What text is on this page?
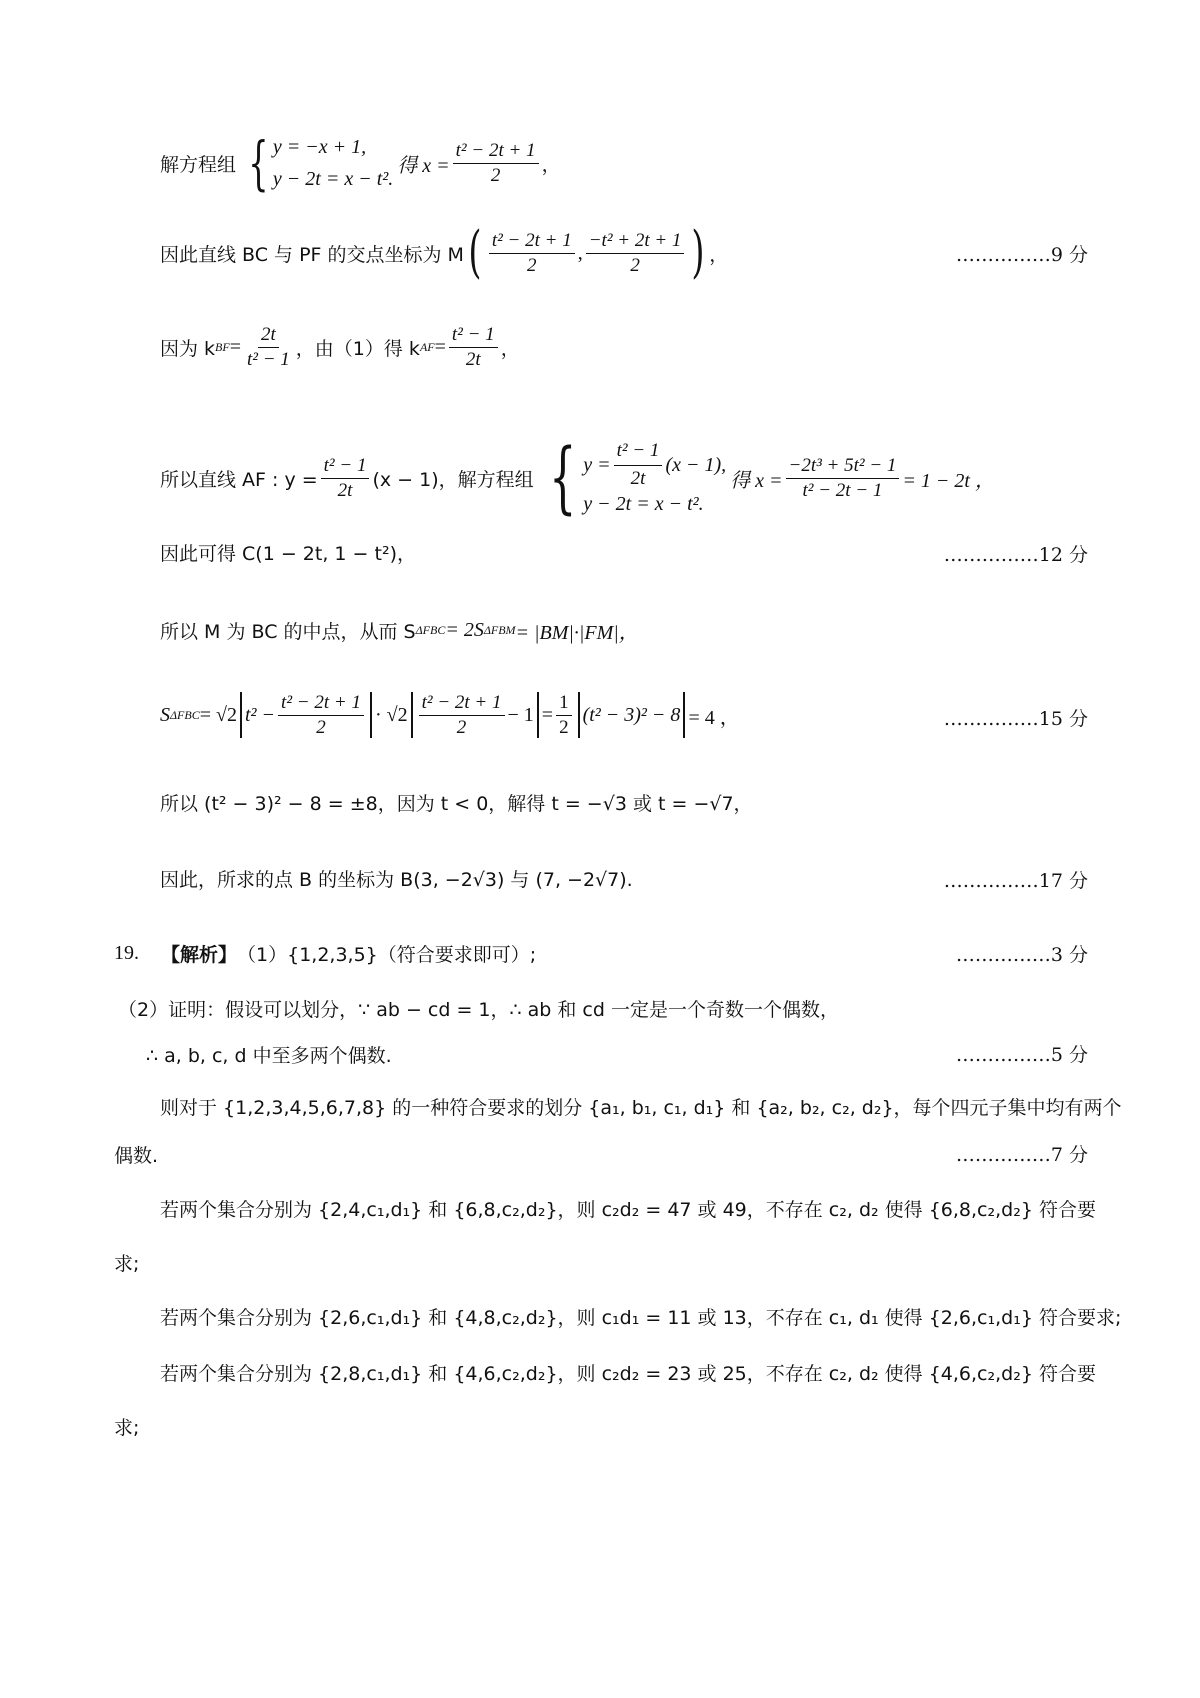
解方程组 { y = −x + 1,
y − 2t = x − t².
得 $x = \frac{\text{t² − 2t + 1}}{2}$ ，
因此直线 BC 与 PF 的交点坐标为 M ( $\frac{\text{t² − 2t + 1}}{2}$ , $\frac{\text{−t² + 2t + 1}}{2}$ ) ，	……………9 分
因为 k BF = $\frac{2t}{\text{t² − 1}}$ ，由（1）得 k AF = $\frac{\text{t² − 1}}{2t}$ ，
所以直线 AF : $y = \frac{\text{t² − 1}}{2t} (x - 1)$，解方程组 { $y = \frac{\text{t² − 1}}{2t} (x - 1)$,
y − 2t = x − t².
得 $x = \frac{\text{−2t³ + 5t² − 1}}{\text{t² − 2t − 1}} = 1 - 2t$ ，
因此可得 C(1 − 2t, 1 − t²)，	……………12 分
所以 M 为 BC 的中点，从而 S ΔFBC = 2S ΔFBM = |BM|·|FM|，
S ΔFBC = √2 $t^2 - \frac{\text{t² − 2t + 1}}{2} \cdot √2 \frac{\text{t² − 2t + 1}}{2} - 1 = \frac{1}{2} (t^2 - 3)^2 - 8 = 4$ ，	……………15 分
所以 (t² − 3)² − 8 = ±8，因为 t < 0，解得 t = −√3 或 t = −√7，
因此，所求的点 B 的坐标为 B(3, −2√3) 与 (7, −2√7).	……………17 分
19. 【解析】 （1）{1,2,3,5}（符合要求即可）;	……………3 分
（2）证明：假设可以划分，∵ ab − cd = 1，∴ ab 和 cd 一定是一个奇数一个偶数，
∴ a, b, c, d 中至多两个偶数.	……………5 分
则对于 {1,2,3,4,5,6,7,8} 的一种符合要求的划分 {a₁, b₁, c₁, d₁} 和 {a₂, b₂, c₂, d₂}，每个四元子集中均有两个
偶数.	……………7 分
若两个集合分别为 {2,4,c₁,d₁} 和 {6,8,c₂,d₂}，则 c₂d₂ = 47 或 49，不存在 c₂, d₂ 使得 {6,8,c₂,d₂} 符合要
求;
若两个集合分别为 {2,6,c₁,d₁} 和 {4,8,c₂,d₂}，则 c₁d₁ = 11 或 13，不存在 c₁, d₁ 使得 {2,6,c₁,d₁} 符合要求;
若两个集合分别为 {2,8,c₁,d₁} 和 {4,6,c₂,d₂}，则 c₂d₂ = 23 或 25，不存在 c₂, d₂ 使得 {4,6,c₂,d₂} 符合要
求;
